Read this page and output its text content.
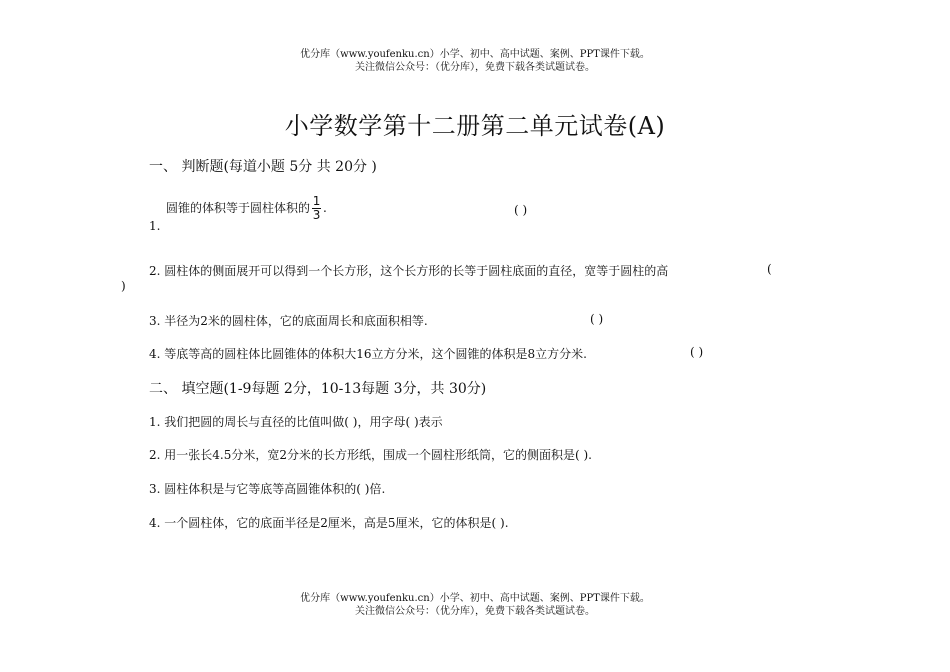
优分库（www.youfenku.cn）小学、初中、高中试题、案例、PPT课件下载。
关注微信公众号：（优分库），免费下载各类试题试卷。
小学数学第十二册第二单元试卷(A)
一、 判断题(每道小题 5分 共 20分 )
圆锥的体积等于圆柱体积的 $\frac{1}{3}$ .	( )
1.
2. 圆柱体的侧面展开可以得到一个长方形，这个长方形的长等于圆柱底面的直径，宽等于圆柱的高	(
)
3. 半径为2米的圆柱体，它的底面周长和底面积相等.	( )
4. 等底等高的圆柱体比圆锥体的体积大16立方分米，这个圆锥的体积是8立方分米.	( )
二、 填空题(1-9每题 2分，10-13每题 3分，共 30分)
1. 我们把圆的周长与直径的比值叫做( )，用字母( )表示
2. 用一张长4.5分米，宽2分米的长方形纸，围成一个圆柱形纸筒，它的侧面积是( ).
3. 圆柱体积是与它等底等高圆锥体积的( )倍.
4. 一个圆柱体，它的底面半径是2厘米，高是5厘米，它的体积是( ).
优分库（www.youfenku.cn）小学、初中、高中试题、案例、PPT课件下载。
关注微信公众号：（优分库），免费下载各类试题试卷。
